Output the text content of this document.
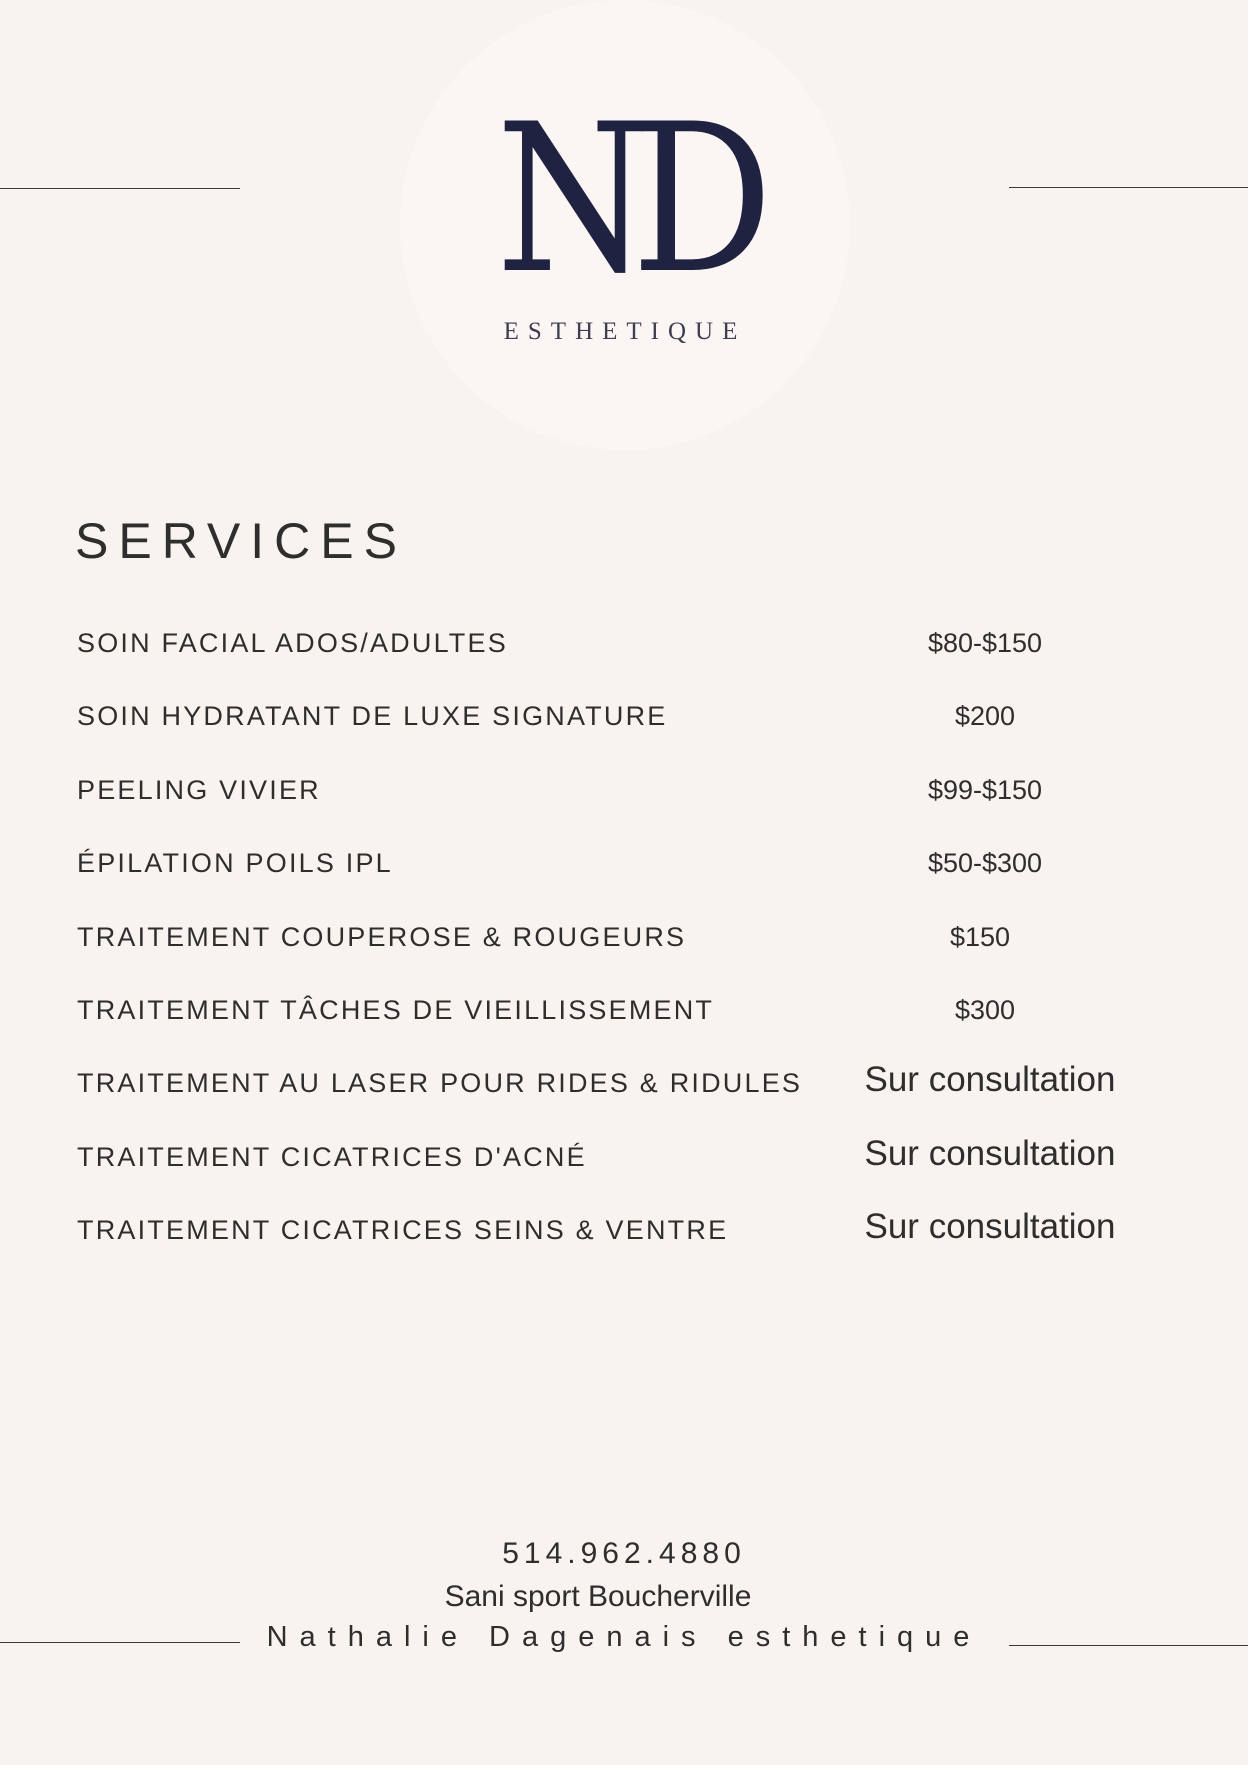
ND
ESTHETIQUE
SERVICES
SOIN FACIAL ADOS/ADULTES	$80-$150
SOIN HYDRATANT DE LUXE SIGNATURE	$200
PEELING VIVIER	$99-$150
ÉPILATION POILS IPL	$50-$300
TRAITEMENT COUPEROSE & ROUGEURS	$150
TRAITEMENT TÂCHES DE VIEILLISSEMENT	$300
TRAITEMENT AU LASER POUR RIDES & RIDULES Sur consultation
TRAITEMENT CICATRICES D'ACNÉ	Sur consultation
TRAITEMENT CICATRICES SEINS & VENTRE	Sur consultation
514.962.4880
Sani sport Boucherville
Nathalie Dagenais esthetique
